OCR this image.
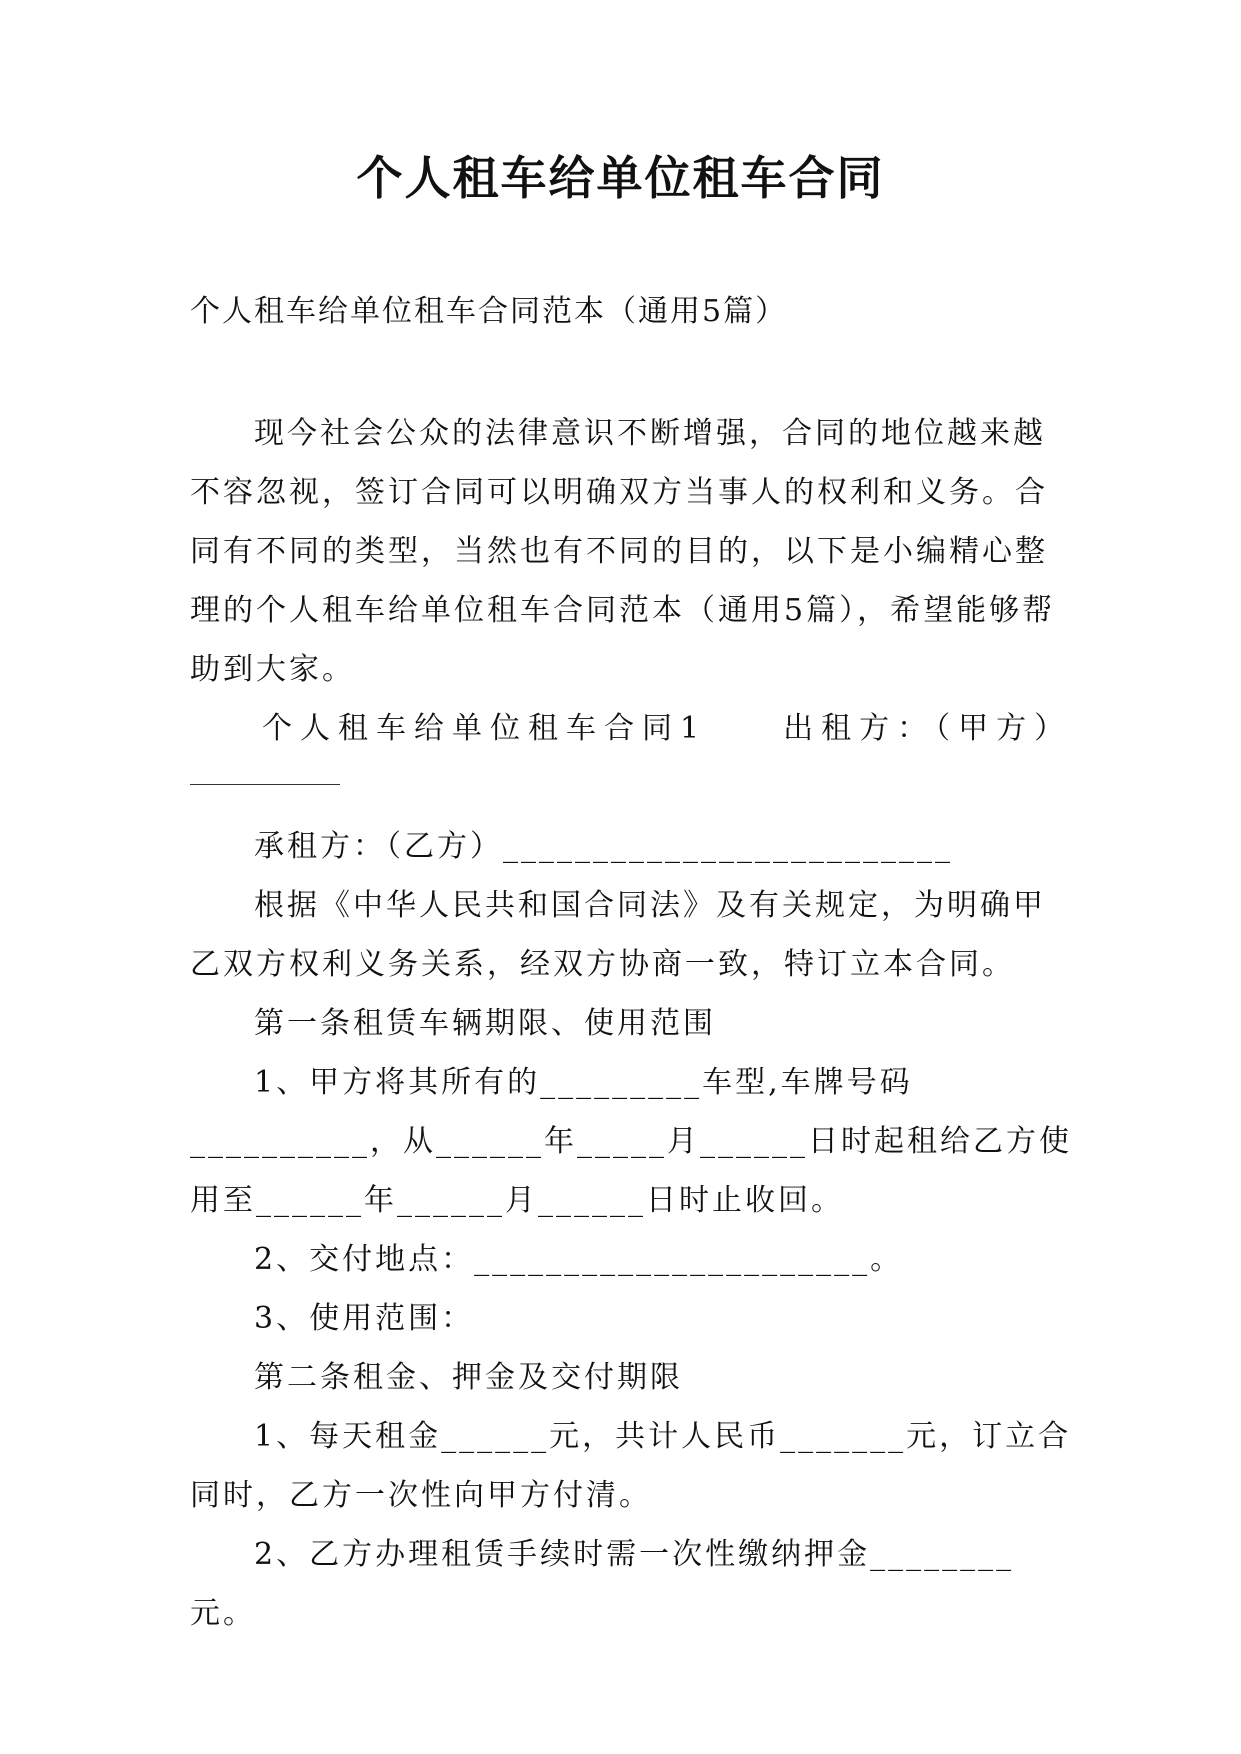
个人租车给单位租车合同
个人租车给单位租车合同范本（通用5篇）

现今社会公众的法律意识不断增强，合同的地位越来越不容忽视，签订合同可以明确双方当事人的权利和义务。合同有不同的类型，当然也有不同的目的，以下是小编精心整理的个人租车给单位租车合同范本（通用5篇），希望能够帮助到大家。

个人租车给单位租车合同1　　出租方：（甲方）

承租方：（乙方）_________________________

根据《中华人民共和国合同法》及有关规定，为明确甲乙双方权利义务关系，经双方协商一致，特订立本合同。

第一条租赁车辆期限、使用范围

1、甲方将其所有的_________车型,车牌号码__________，从______年_____月______日时起租给乙方使用至______年______月______日时止收回。

2、交付地点：______________________。

3、使用范围：

第二条租金、押金及交付期限

1、每天租金______元，共计人民币_______元，订立合同时，乙方一次性向甲方付清。

2、乙方办理租赁手续时需一次性缴纳押金________元。
